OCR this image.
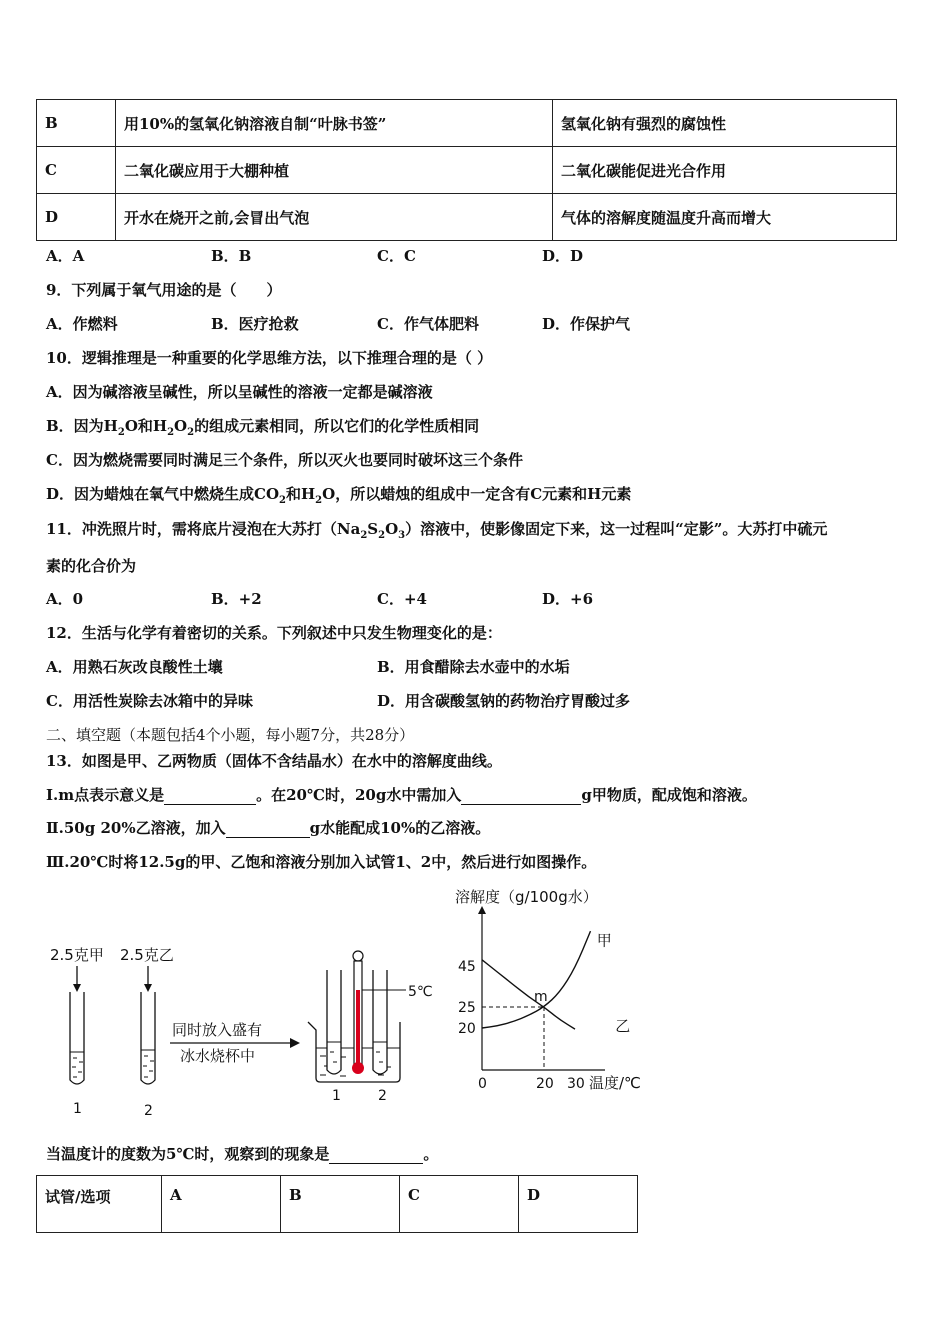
B	用10%的氢氧化钠溶液自制“叶脉书签”	氢氧化钠有强烈的腐蚀性
C	二氧化碳应用于大棚种植	二氧化碳能促进光合作用
D	开水在烧开之前,会冒出气泡	气体的溶解度随温度升高而增大
A．A	B．B	C．C	D．D
9．下列属于氧气用途的是（　　）
A．作燃料	B．医疗抢救	C．作气体肥料	D．作保护气
10．逻辑推理是一种重要的化学思维方法，以下推理合理的是（ ）
A．因为碱溶液呈碱性，所以呈碱性的溶液一定都是碱溶液
B．因为$H_2O$和$H_2O_2$的组成元素相同，所以它们的化学性质相同
C．因为燃烧需要同时满足三个条件，所以灭火也要同时破坏这三个条件
D．因为蜡烛在氧气中燃烧生成$CO_2$和$H_2O$，所以蜡烛的组成中一定含有C元素和H元素
11．冲洗照片时，需将底片浸泡在大苏打$(Na_2S_2O_3)$溶液中，使影像固定下来，这一过程叫“定影”。大苏打中硫元
素的化合价为
A．0	B．+2	C．+4	D．+6
12．生活与化学有着密切的关系。下列叙述中只发生物理变化的是：
A．用熟石灰改良酸性土壤	B．用食醋除去水壶中的水垢
C．用活性炭除去冰箱中的异味	D．用含碳酸氢钠的药物治疗胃酸过多
二、填空题（本题包括4个小题，每小题7分，共28分）
13．如图是甲、乙两物质（固体不含结晶水）在水中的溶解度曲线。
Ⅰ.m点表示意义是	。在20℃时，20g水中需加入	g甲物质，配成饱和溶液。
Ⅱ.50g 20%乙溶液，加入	g水能配成10%的乙溶液。
Ⅲ.20℃时将12.5g的甲、乙饱和溶液分别加入试管1、2中，然后进行如图操作。
2.5克甲 2.5克乙
1	2
同时放入盛有
冰水烧杯中
5℃
1	2
溶解度（g/100g水）
0	20 30 温度/℃
20
25
45
甲
乙
m
当温度计的度数为5℃时，观察到的现象是	。
试管/选项	A	B	C	D
